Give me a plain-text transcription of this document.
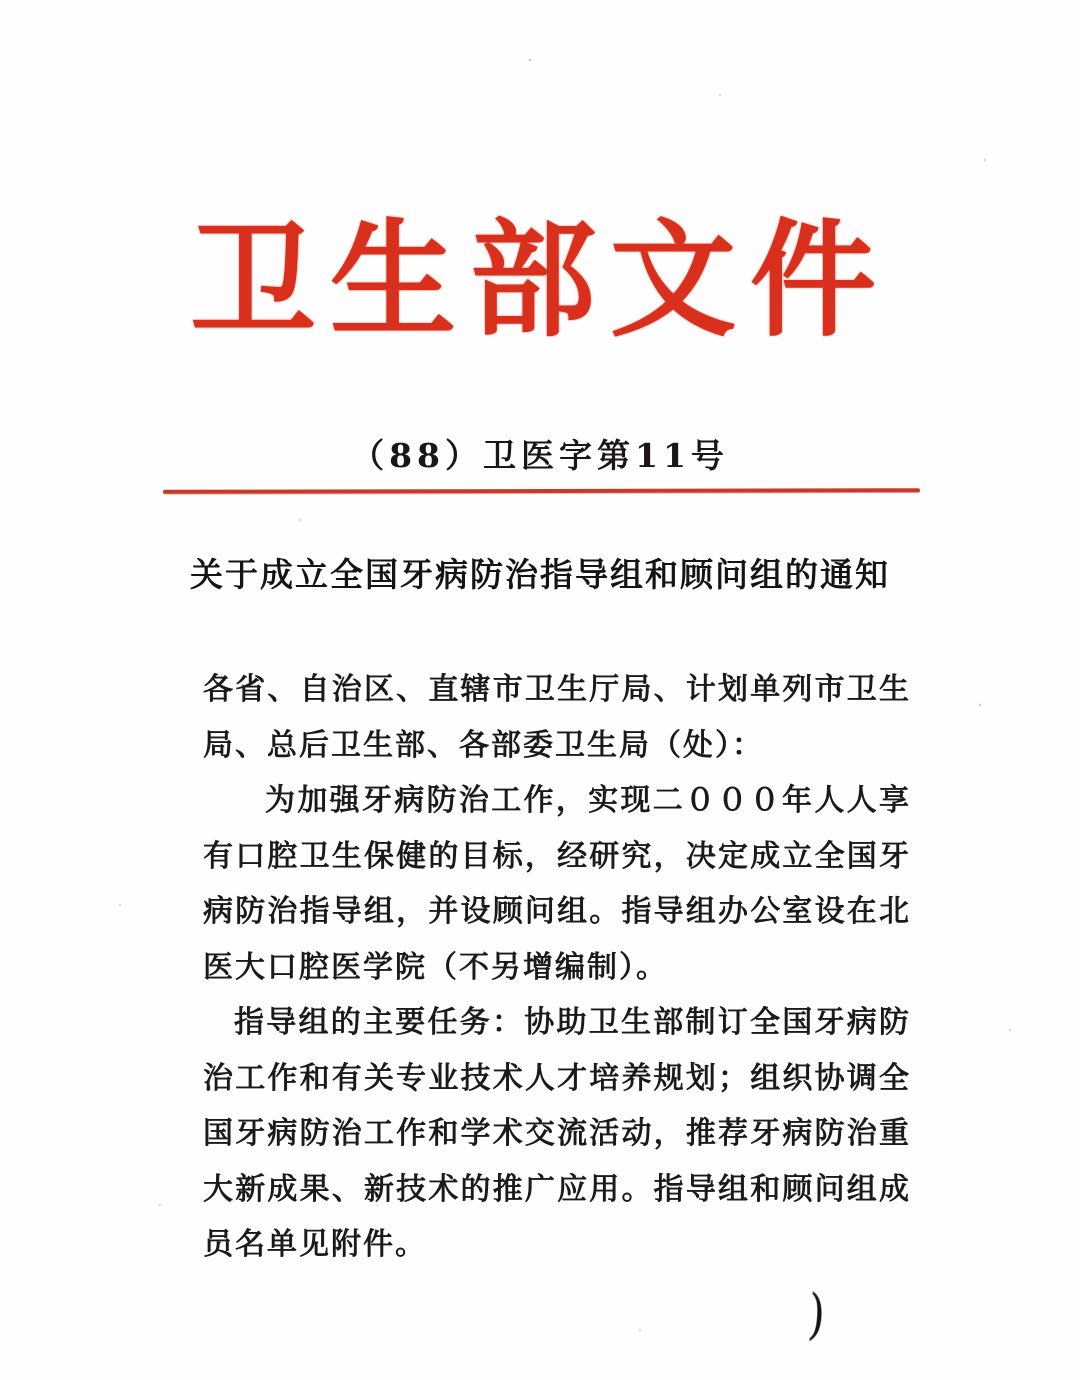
卫生部文件
（88）卫医字第11号
关于成立全国牙病防治指导组和顾问组的通知
各省、自治区、直辖市卫生厅局、计划单列市卫生
局、总后卫生部、各部委卫生局（处）：
为加强牙病防治工作，实现二０００年人人享
有口腔卫生保健的目标，经研究，决定成立全国牙
病防治指导组，并设顾问组。指导组办公室设在北
医大口腔医学院（不另增编制）。
指导组的主要任务：协助卫生部制订全国牙病防
治工作和有关专业技术人才培养规划；组织协调全
国牙病防治工作和学术交流活动，推荐牙病防治重
大新成果、新技术的推广应用。指导组和顾问组成
员名单见附件。
)
